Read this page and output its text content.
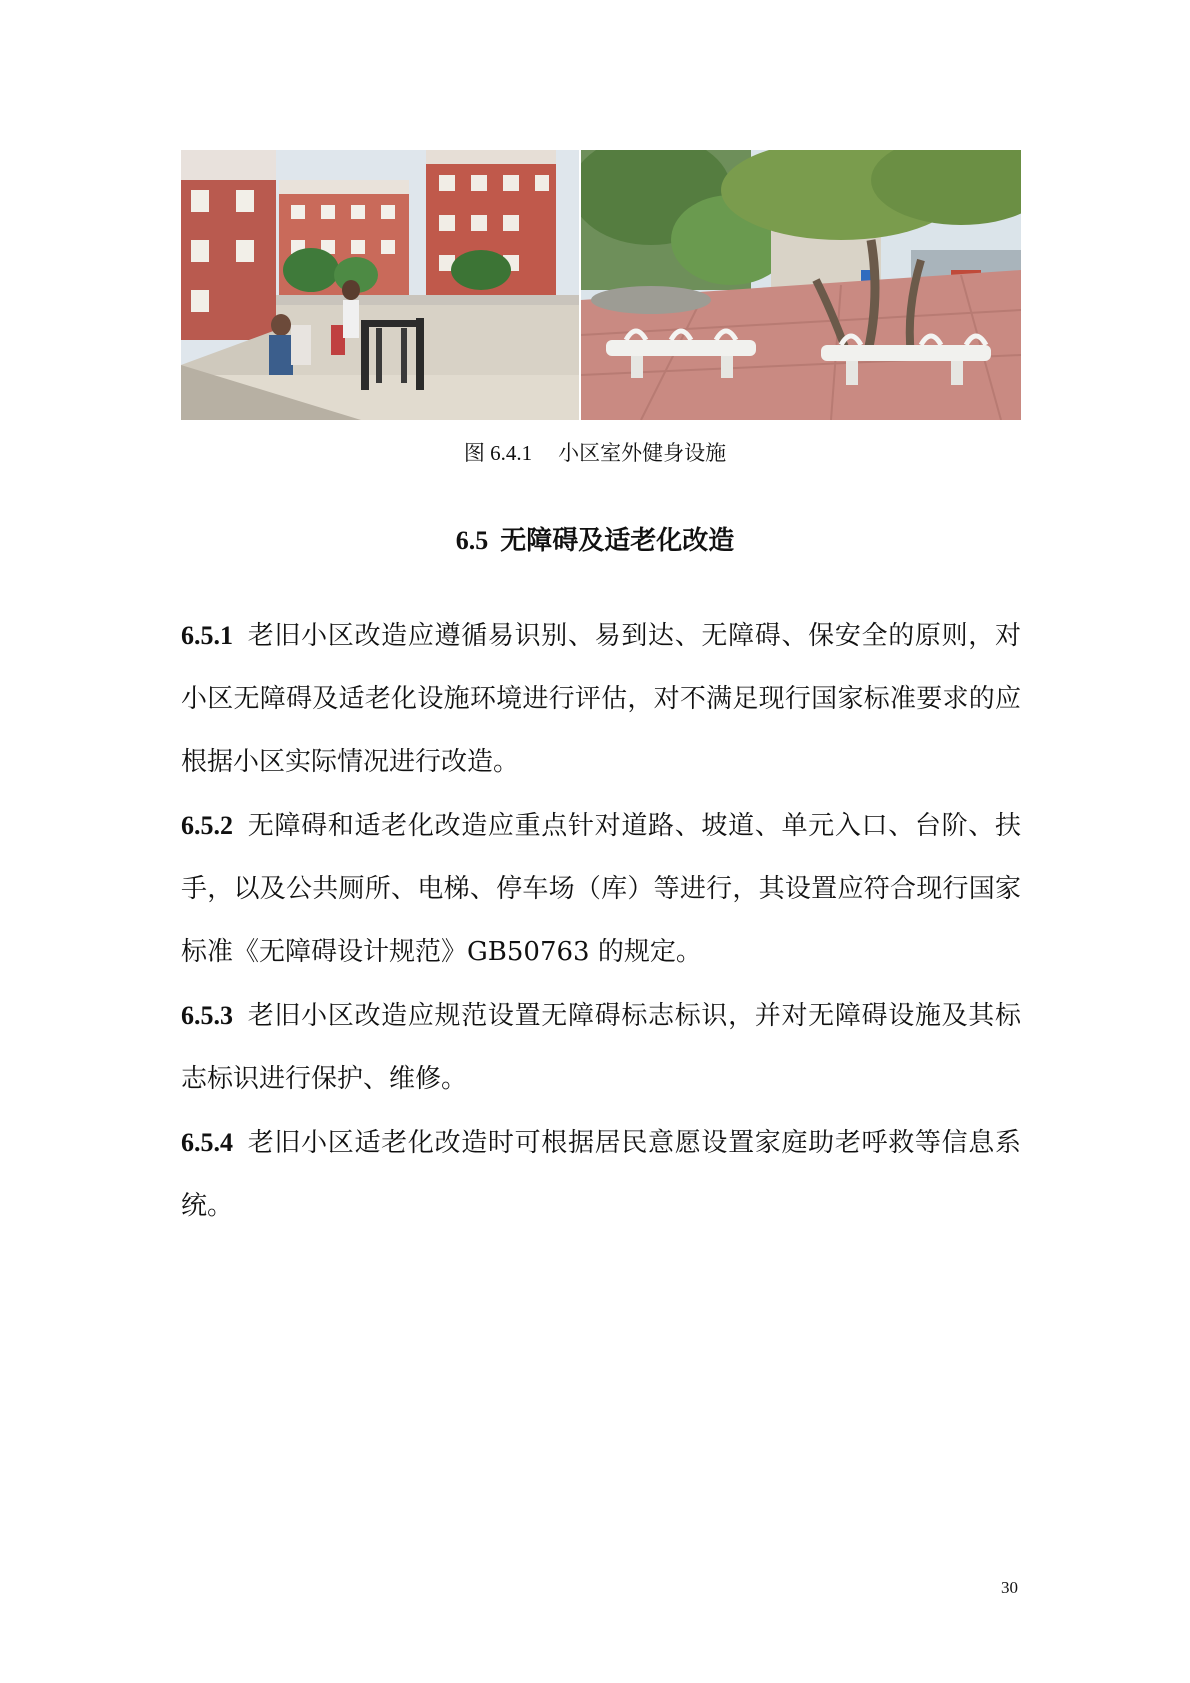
图 6.4.1 小区室外健身设施
6.5 无障碍及适老化改造

6.5.1 老旧小区改造应遵循易识别、易到达、无障碍、保安全的原则，对小区无障碍及适老化设施环境进行评估，对不满足现行国家标准要求的应根据小区实际情况进行改造。

6.5.2 无障碍和适老化改造应重点针对道路、坡道、单元入口、台阶、扶手，以及公共厕所、电梯、停车场（库）等进行，其设置应符合现行国家标准《无障碍设计规范》GB50763 的规定。

6.5.3 老旧小区改造应规范设置无障碍标志标识，并对无障碍设施及其标志标识进行保护、维修。

6.5.4 老旧小区适老化改造时可根据居民意愿设置家庭助老呼救等信息系统。

30
